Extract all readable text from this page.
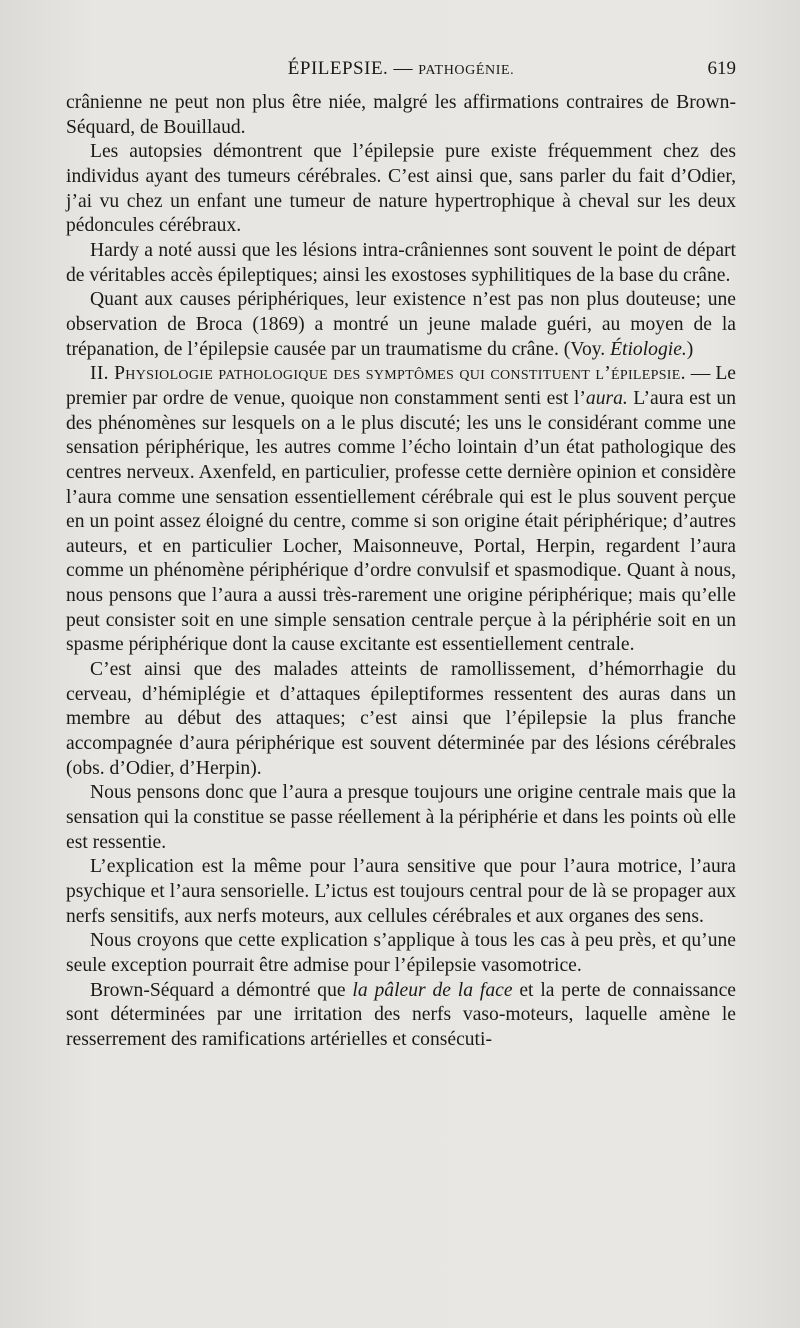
ÉPILEPSIE. — PATHOGÉNIE.	619

crânienne ne peut non plus être niée, malgré les affirmations contraires de Brown-Séquard, de Bouillaud.

Les autopsies démontrent que l’épilepsie pure existe fréquemment chez des individus ayant des tumeurs cérébrales. C’est ainsi que, sans parler du fait d’Odier, j’ai vu chez un enfant une tumeur de nature hypertrophique à cheval sur les deux pédoncules cérébraux.

Hardy a noté aussi que les lésions intra-crâniennes sont souvent le point de départ de véritables accès épileptiques; ainsi les exostoses syphilitiques de la base du crâne.

Quant aux causes périphériques, leur existence n’est pas non plus douteuse; une observation de Broca (1869) a montré un jeune malade guéri, au moyen de la trépanation, de l’épilepsie causée par un traumatisme du crâne. (Voy. Étiologie.)

II. Physiologie pathologique des symptômes qui constituent l’épilepsie. — Le premier par ordre de venue, quoique non constamment senti est l’aura. L’aura est un des phénomènes sur lesquels on a le plus discuté; les uns le considérant comme une sensation périphérique, les autres comme l’écho lointain d’un état pathologique des centres nerveux. Axenfeld, en particulier, professe cette dernière opinion et considère l’aura comme une sensation essentiellement cérébrale qui est le plus souvent perçue en un point assez éloigné du centre, comme si son origine était périphérique; d’autres auteurs, et en particulier Locher, Maisonneuve, Portal, Herpin, regardent l’aura comme un phénomène périphérique d’ordre convulsif et spasmodique. Quant à nous, nous pensons que l’aura a aussi très-rarement une origine périphérique; mais qu’elle peut consister soit en une simple sensation centrale perçue à la périphérie soit en un spasme périphérique dont la cause excitante est essentiellement centrale.

C’est ainsi que des malades atteints de ramollissement, d’hémorrhagie du cerveau, d’hémiplégie et d’attaques épileptiformes ressentent des auras dans un membre au début des attaques; c’est ainsi que l’épilepsie la plus franche accompagnée d’aura périphérique est souvent déterminée par des lésions cérébrales (obs. d’Odier, d’Herpin).

Nous pensons donc que l’aura a presque toujours une origine centrale mais que la sensation qui la constitue se passe réellement à la périphérie et dans les points où elle est ressentie.

L’explication est la même pour l’aura sensitive que pour l’aura motrice, l’aura psychique et l’aura sensorielle. L’ictus est toujours central pour de là se propager aux nerfs sensitifs, aux nerfs moteurs, aux cellules cérébrales et aux organes des sens.

Nous croyons que cette explication s’applique à tous les cas à peu près, et qu’une seule exception pourrait être admise pour l’épilepsie vasomotrice.

Brown-Séquard a démontré que la pâleur de la face et la perte de connaissance sont déterminées par une irritation des nerfs vaso-moteurs, laquelle amène le resserrement des ramifications artérielles et consécuti-
